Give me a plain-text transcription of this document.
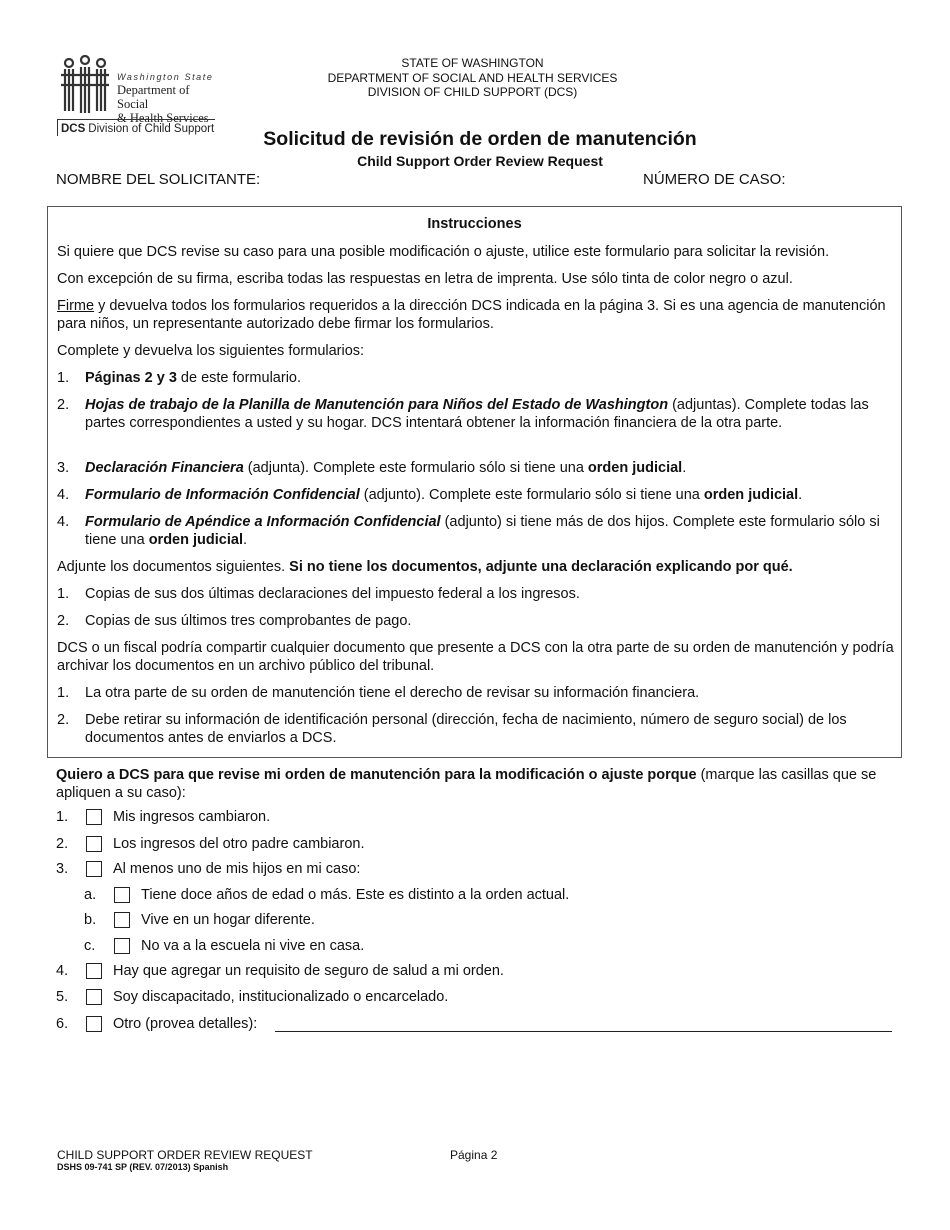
Washington State
Department of Social
& Health Services
DCS Division of Child Support
STATE OF WASHINGTON
DEPARTMENT OF SOCIAL AND HEALTH SERVICES
DIVISION OF CHILD SUPPORT (DCS)
Solicitud de revisión de orden de manutención
Child Support Order Review Request
NOMBRE DEL SOLICITANTE:	NÚMERO DE CASO:
Instrucciones
Si quiere que DCS revise su caso para una posible modificación o ajuste, utilice este formulario para solicitar la revisión.
Con excepción de su firma, escriba todas las respuestas en letra de imprenta. Use sólo tinta de color negro o azul.
Firme y devuelva todos los formularios requeridos a la dirección DCS indicada en la página 3. Si es una agencia de manutención para niños, un representante autorizado debe firmar los formularios.
Complete y devuelva los siguientes formularios:
1. Páginas 2 y 3 de este formulario.
2. Hojas de trabajo de la Planilla de Manutención para Niños del Estado de Washington (adjuntas). Complete todas las partes correspondientes a usted y su hogar. DCS intentará obtener la información financiera de la otra parte.
3. Declaración Financiera (adjunta). Complete este formulario sólo si tiene una orden judicial.
4. Formulario de Información Confidencial (adjunto). Complete este formulario sólo si tiene una orden judicial.
4. Formulario de Apéndice a Información Confidencial (adjunto) si tiene más de dos hijos. Complete este formulario sólo si tiene una orden judicial.
Adjunte los documentos siguientes. Si no tiene los documentos, adjunte una declaración explicando por qué.
1. Copias de sus dos últimas declaraciones del impuesto federal a los ingresos.
2. Copias de sus últimos tres comprobantes de pago.
DCS o un fiscal podría compartir cualquier documento que presente a DCS con la otra parte de su orden de manutención y podría archivar los documentos en un archivo público del tribunal.
1. La otra parte de su orden de manutención tiene el derecho de revisar su información financiera.
2. Debe retirar su información de identificación personal (dirección, fecha de nacimiento, número de seguro social) de los documentos antes de enviarlos a DCS.
Quiero a DCS para que revise mi orden de manutención para la modificación o ajuste porque (marque las casillas que se apliquen a su caso):
1.	Mis ingresos cambiaron.
2.	Los ingresos del otro padre cambiaron.
3.	Al menos uno de mis hijos en mi caso:
a.	Tiene doce años de edad o más. Este es distinto a la orden actual.
b.	Vive en un hogar diferente.
c.	No va a la escuela ni vive en casa.
4.	Hay que agregar un requisito de seguro de salud a mi orden.
5.	Soy discapacitado, institucionalizado o encarcelado.
6.	Otro (provea detalles):
CHILD SUPPORT ORDER REVIEW REQUEST
DSHS 09-741 SP (REV. 07/2013) Spanish
Página 2
